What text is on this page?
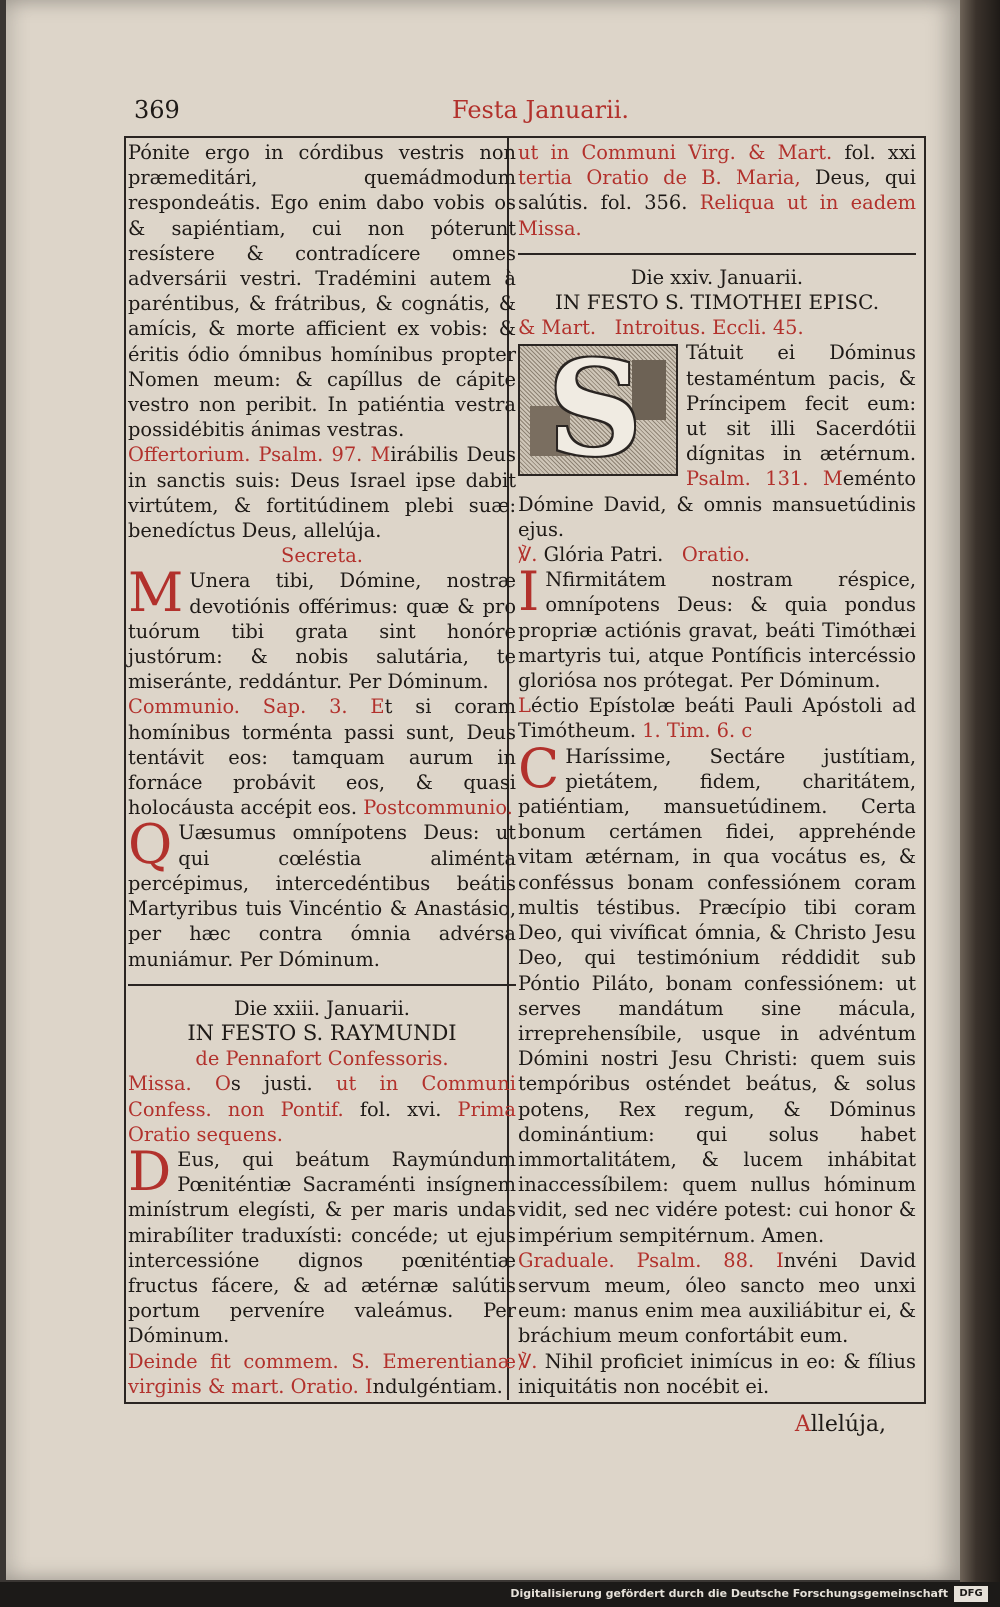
369	Festa Januarii.

Pónite ergo in córdibus vestris non præmeditári, quemádmodum respondeátis. Ego enim dabo vobis os & sapiéntiam, cui non póterunt resístere & contradícere omnes adversárii vestri. Tradémini autem à paréntibus, & frátribus, & cognátis, & amícis, & morte afficient ex vobis: & éritis ódio ómnibus homínibus propter Nomen meum: & capíllus de cápite vestro non peribit. In patiéntia vestra possidébitis ánimas vestras.

Offertorium. Psalm. 97. Mirábilis Deus in sanctis suis: Deus Israel ipse dabit virtútem, & fortitúdinem plebi suæ: benedíctus Deus, allelúja.

Secreta.

M Unera tibi, Dómine, nostræ devotiónis offérimus: quæ & pro tuórum tibi grata sint honóre justórum: & nobis salutária, te miseránte, reddántur. Per Dóminum.

Communio. Sap. 3. Et si coram homínibus torménta passi sunt, Deus tentávit eos: tamquam aurum in fornáce probávit eos, & quasi holocáusta accépit eos. Postcommunio.

Q Uæsumus omnípotens Deus: ut qui cœléstia aliménta percépimus, intercedéntibus beátis Martyribus tuis Vincéntio & Anastásio, per hæc contra ómnia advérsa muniámur. Per Dóminum.

Die xxiii. Januarii.

IN FESTO S. RAYMUNDI

de Pennafort Confessoris.

Missa. Os justi. ut in Communi Confess. non Pontif. fol. xvi. Prima Oratio sequens.

D Eus, qui beátum Raymúndum Pœniténtiæ Sacraménti insígnem minístrum elegísti, & per maris undas mirabíliter traduxísti: concéde; ut ejus intercessióne dignos pœniténtiæ fructus fácere, & ad ætérnæ salútis portum perveníre valeámus. Per Dóminum.

Deinde fit commem. S. Emerentianæ virginis & mart. Oratio. Indulgéntiam.

ut in Communi Virg. & Mart. fol. xxi tertia Oratio de B. Maria, Deus, qui salútis. fol. 356. Reliqua ut in eadem Missa.

Die xxiv. Januarii.

IN FESTO S. TIMOTHEI EPISC.

& Mart. Introitus. Eccli. 45.

S Tátuit ei Dóminus testaméntum pacis, & Príncipem fecit eum: ut sit illi Sacerdótii dígnitas in ætérnum. Psalm. 131. Meménto Dómine David, & omnis mansuetúdinis ejus.

℣. Glória Patri. Oratio.

I Nfirmitátem nostram réspice, omnípotens Deus: & quia pondus propriæ actiónis gravat, beáti Timóthæi martyris tui, atque Pontíficis intercéssio gloriósa nos prótegat. Per Dóminum.

Léctio Epístolæ beáti Pauli Apóstoli ad Timótheum. 1. Tim. 6. c

C Haríssime, Sectáre justítiam, pietátem, fidem, charitátem, patiéntiam, mansuetúdinem. Certa bonum certámen fidei, apprehénde vitam ætérnam, in qua vocátus es, & conféssus bonam confessiónem coram multis téstibus. Præcípio tibi coram Deo, qui vivíficat ómnia, & Christo Jesu Deo, qui testimónium réddidit sub Póntio Piláto, bonam confessiónem: ut serves mandátum sine mácula, irreprehensíbile, usque in advéntum Dómini nostri Jesu Christi: quem suis tempóribus osténdet beátus, & solus potens, Rex regum, & Dóminus dominántium: qui solus habet immortalitátem, & lucem inhábitat inaccessíbilem: quem nullus hóminum vidit, sed nec vidére potest: cui honor & impérium sempitérnum. Amen.

Graduale. Psalm. 88. Invéni David servum meum, óleo sancto meo unxi eum: manus enim mea auxiliábitur ei, & bráchium meum confortábit eum.

℣. Nihil proficiet inimícus in eo: & fílius iniquitátis non nocébit ei.

Allelúja,
Digitalisierung gefördert durch die Deutsche Forschungsgemeinschaft	DFG
